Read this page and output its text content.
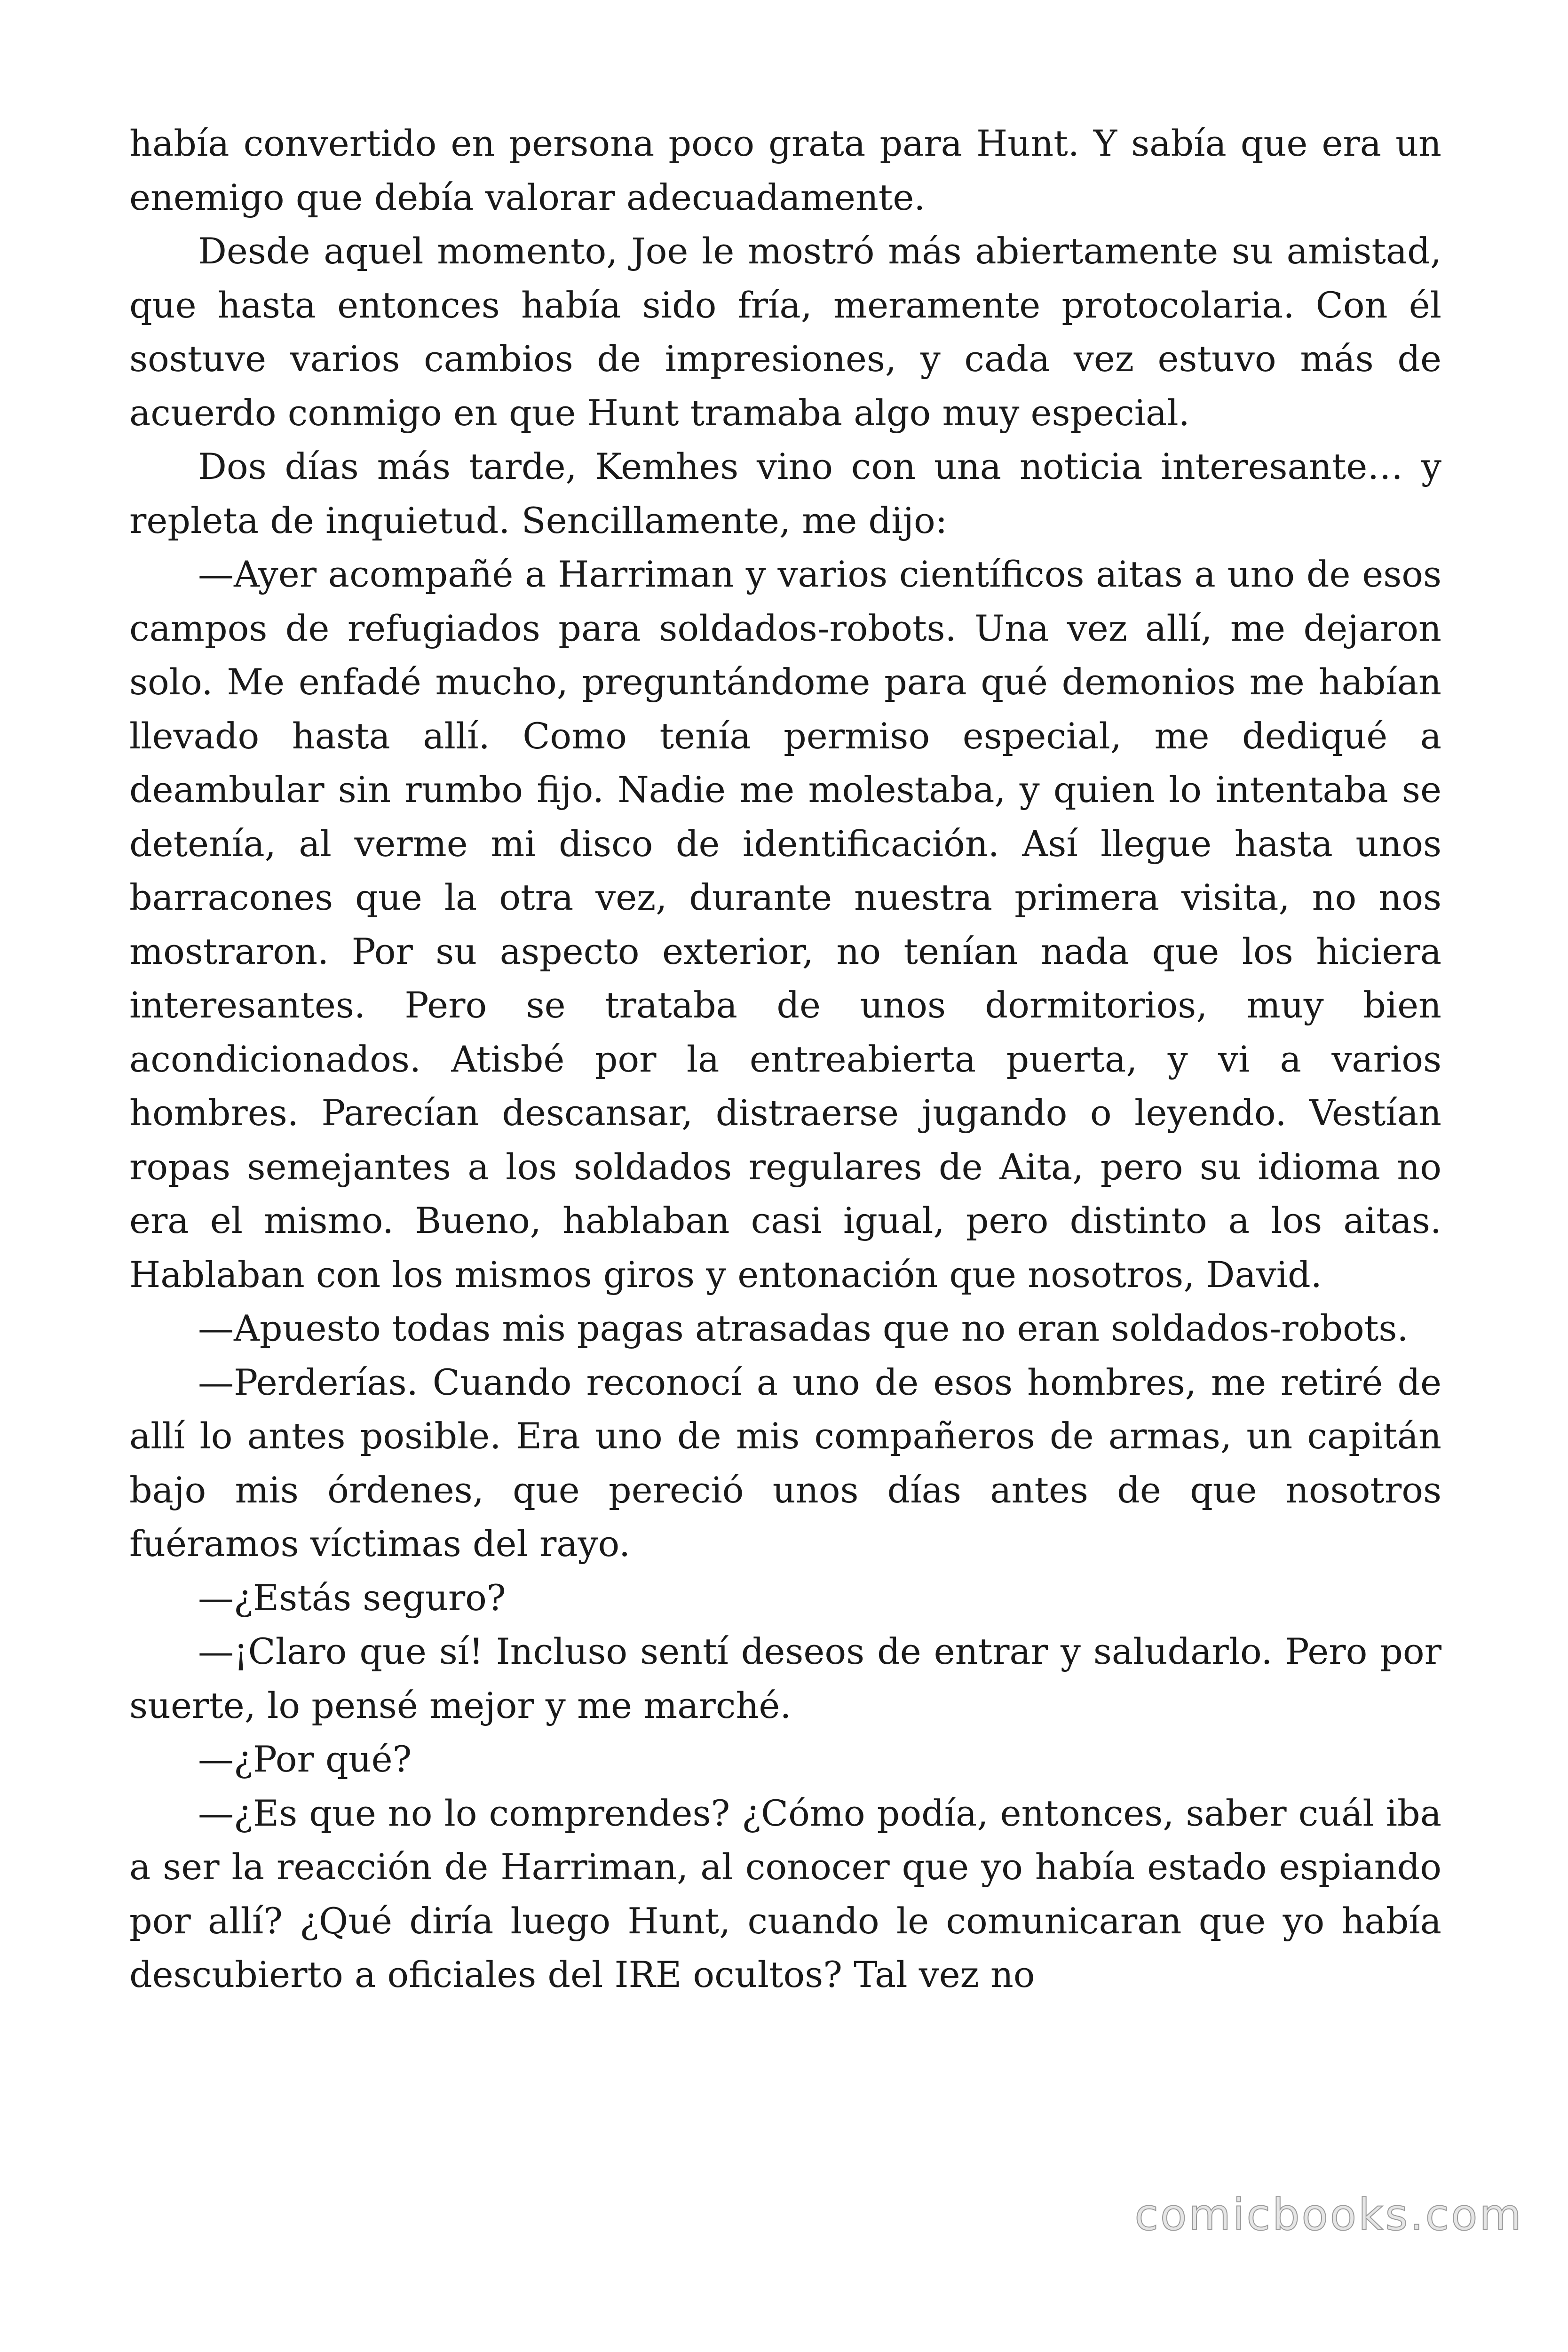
había convertido en persona poco grata para Hunt. Y sabía que era un enemigo que debía valorar adecuadamente.

Desde aquel momento, Joe le mostró más abiertamente su amistad, que hasta entonces había sido fría, meramente protocolaria. Con él sostuve varios cambios de impresiones, y cada vez estuvo más de acuerdo conmigo en que Hunt tramaba algo muy especial.

Dos días más tarde, Kemhes vino con una noticia interesante… y repleta de inquietud. Sencillamente, me dijo:

—Ayer acompañé a Harriman y varios científicos aitas a uno de esos campos de refugiados para soldados-robots. Una vez allí, me dejaron solo. Me enfadé mucho, preguntándome para qué demonios me habían llevado hasta allí. Como tenía permiso especial, me dediqué a deambular sin rumbo fijo. Nadie me molestaba, y quien lo intentaba se detenía, al verme mi disco de identificación. Así llegue hasta unos barracones que la otra vez, durante nuestra primera visita, no nos mostraron. Por su aspecto exterior, no tenían nada que los hiciera interesantes. Pero se trataba de unos dormitorios, muy bien acondicionados. Atisbé por la entreabierta puerta, y vi a varios hombres. Parecían descansar, distraerse jugando o leyendo. Vestían ropas semejantes a los soldados regulares de Aita, pero su idioma no era el mismo. Bueno, hablaban casi igual, pero distinto a los aitas. Hablaban con los mismos giros y entonación que nosotros, David.

—Apuesto todas mis pagas atrasadas que no eran soldados-robots.

—Perderías. Cuando reconocí a uno de esos hombres, me retiré de allí lo antes posible. Era uno de mis compañeros de armas, un capitán bajo mis órdenes, que pereció unos días antes de que nosotros fuéramos víctimas del rayo.

—¿Estás seguro?

—¡Claro que sí! Incluso sentí deseos de entrar y saludarlo. Pero por suerte, lo pensé mejor y me marché.

—¿Por qué?

—¿Es que no lo comprendes? ¿Cómo podía, entonces, saber cuál iba a ser la reacción de Harriman, al conocer que yo había estado espiando por allí? ¿Qué diría luego Hunt, cuando le comunicaran que yo había descubierto a oficiales del IRE ocultos? Tal vez no

comicbooks.com
